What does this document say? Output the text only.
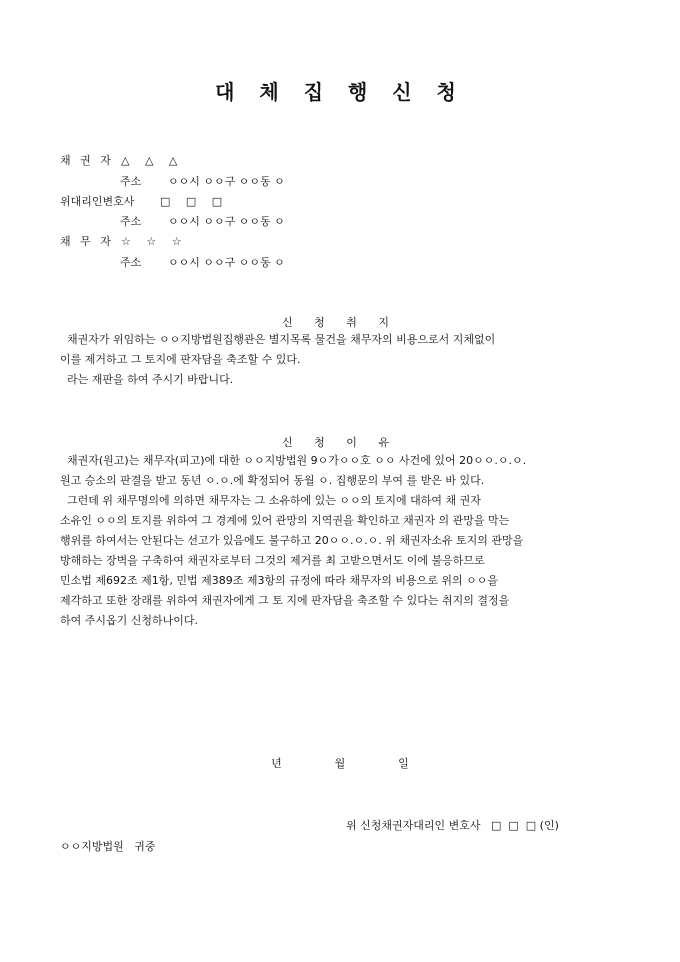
대 체 집 행 신 청
채 권 자 △ △ △
주소 ㅇㅇ시 ㅇㅇ구 ㅇㅇ동 ㅇ
위대리인변호사 □ □ □
주소 ㅇㅇ시 ㅇㅇ구 ㅇㅇ동 ㅇ
채 무 자 ☆ ☆ ☆
주소 ㅇㅇ시 ㅇㅇ구 ㅇㅇ동 ㅇ
신 청 취 지

채권자가 위임하는 ㅇㅇ지방법원집행관은 별지목록 물건을 채무자의 비용으로서 지체없이

이를 제거하고 그 토지에 판자담을 축조할 수 있다.

라는 재판을 하여 주시기 바랍니다.

신 청 이 유

채권자(원고)는 채무자(피고)에 대한 ㅇㅇ지방법원 9ㅇ가ㅇㅇ호 ㅇㅇ 사건에 있어 20ㅇㅇ.ㅇ.ㅇ.

원고 승소의 판결을 받고 동년 ㅇ.ㅇ.에 확정되어 동월 ㅇ. 집행문의 부여 를 받은 바 있다.

그런데 위 채무명의에 의하면 채무자는 그 소유하에 있는 ㅇㅇ의 토지에 대하여 채 권자

소유인 ㅇㅇ의 토지를 위하여 그 경계에 있어 관망의 지역권을 확인하고 채권자 의 관망을 막는

행위를 하여서는 안된다는 선고가 있음에도 불구하고 20ㅇㅇ.ㅇ.ㅇ. 위 채권자소유 토지의 관망을

방해하는 장벽을 구축하여 채권자로부터 그것의 제거를 최 고받으면서도 이에 불응하므로

민소법 제692조 제1항, 민법 제389조 제3항의 규정에 따라 채무자의 비용으로 위의 ㅇㅇ을

제각하고 또한 장래를 위하여 채권자에게 그 토 지에 판자담을 축조할 수 있다는 취지의 결정을

하여 주시옵기 신청하나이다.

년	월	일
위 신청채권자대리인 변호사   □  □  □ (인)
ㅇㅇ지방법원   귀중
